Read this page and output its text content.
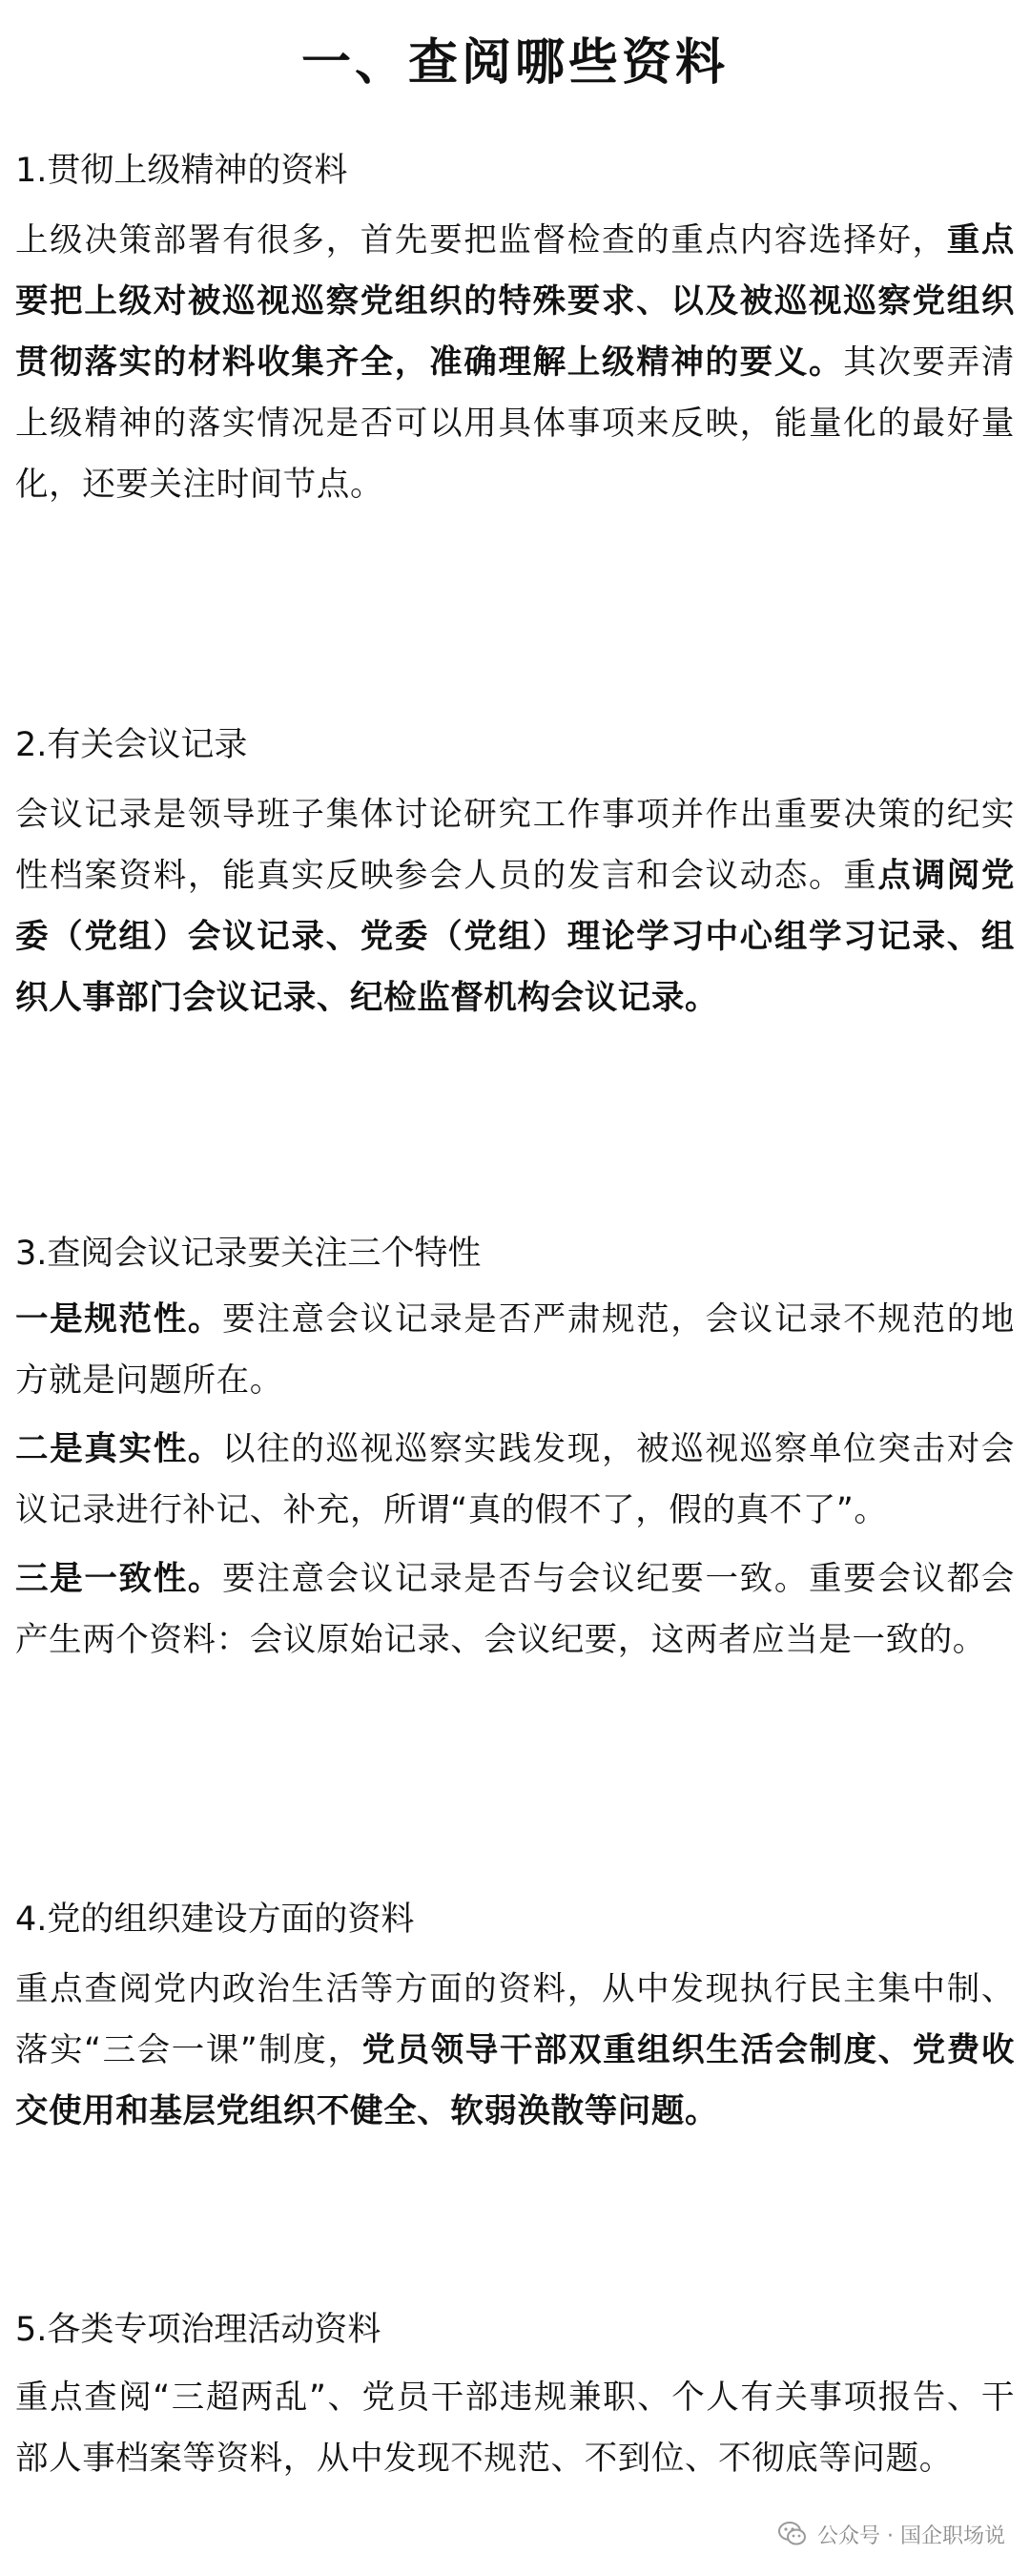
一、查阅哪些资料
1.贯彻上级精神的资料

上级决策部署有很多，首先要把监督检查的重点内容选择好，重点要把上级对被巡视巡察党组织的特殊要求、以及被巡视巡察党组织贯彻落实的材料收集齐全，准确理解上级精神的要义。其次要弄清上级精神的落实情况是否可以用具体事项来反映，能量化的最好量化，还要关注时间节点。

2.有关会议记录

会议记录是领导班子集体讨论研究工作事项并作出重要决策的纪实性档案资料，能真实反映参会人员的发言和会议动态。重点调阅党委（党组）会议记录、党委（党组）理论学习中心组学习记录、组织人事部门会议记录、纪检监督机构会议记录。

3.查阅会议记录要关注三个特性

一是规范性。要注意会议记录是否严肃规范，会议记录不规范的地方就是问题所在。

二是真实性。以往的巡视巡察实践发现，被巡视巡察单位突击对会议记录进行补记、补充，所谓“真的假不了，假的真不了”。

三是一致性。要注意会议记录是否与会议纪要一致。重要会议都会产生两个资料：会议原始记录、会议纪要，这两者应当是一致的。

4.党的组织建设方面的资料

重点查阅党内政治生活等方面的资料，从中发现执行民主集中制、落实“三会一课”制度，党员领导干部双重组织生活会制度、党费收交使用和基层党组织不健全、软弱涣散等问题。

5.各类专项治理活动资料

重点查阅“三超两乱”、党员干部违规兼职、个人有关事项报告、干部人事档案等资料，从中发现不规范、不到位、不彻底等问题。

公众号 · 国企职场说
